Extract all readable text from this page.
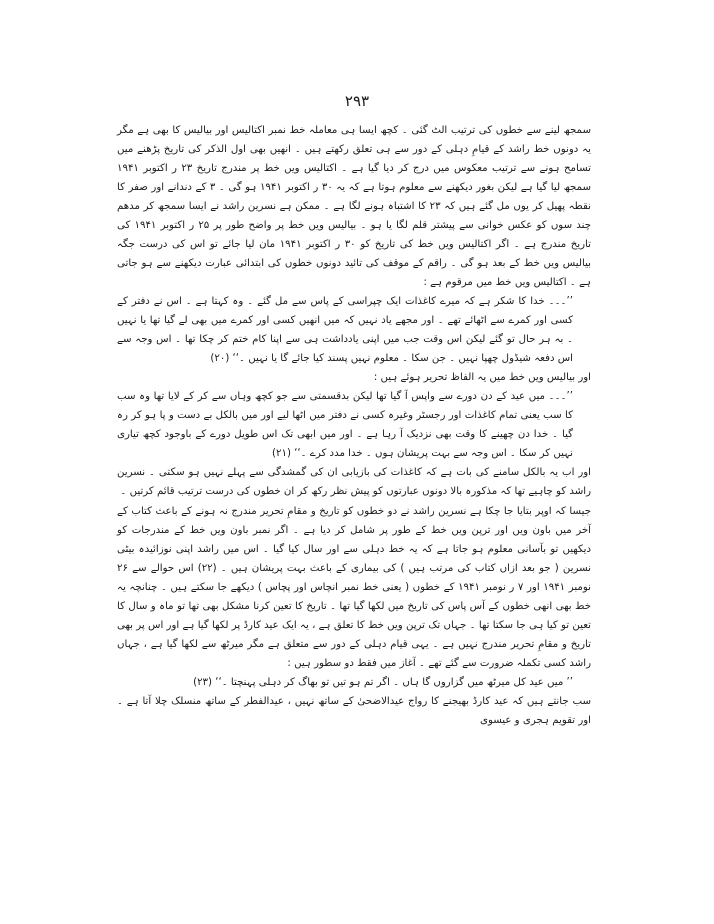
۲۹۳

سمجھ لینے سے خطوں کی ترتیب الٹ گئی ۔ کچھ ایسا ہی معاملہ خط نمبر اکتالیس اور بیالیس کا بھی ہے مگر یہ دونوں خط راشد کے قیامِ دہلی کے دور سے ہی تعلق رکھتے ہیں ۔ انھیں بھی اول الذکر کی تاریخ پڑھنے میں تسامح ہونے سے ترتیب معکوس میں درج کر دیا گیا ہے ۔ اکتالیس ویں خط پر مندرج تاریخ ۲۳ ر اکتوبر ۱۹۴۱ سمجھ لیا گیا ہے لیکن بغور دیکھنے سے معلوم ہوتا ہے کہ یہ ۳۰ ر اکتوبر ۱۹۴۱ ہو گی ۔ ۳ کے دندانے اور صفر کا نقطہ پھیل کر یوں مل گئے ہیں کہ ۲۳ کا اشتباہ ہونے لگا ہے ۔ ممکن ہے نسرین راشد نے ایسا سمجھ کر مدھم چند سوں کو عکس خوانی سے پیشتر قلم لگا یا ہو ۔ بیالیس ویں خط پر واضح طور پر ۲۵ ر اکتوبر ۱۹۴۱ کی تاریخ مندرج ہے ۔ اگر اکتالیس ویں خط کی تاریخ کو ۳۰ ر اکتوبر ۱۹۴۱ مان لیا جائے تو اس کی درست جگہ بیالیس ویں خط کے بعد ہو گی ۔ راقم کے موقف کی تائید دونوں خطوں کی ابتدائی عبارت دیکھنے سے ہو جاتی ہے ۔ اکتالیس ویں خط میں مرقوم ہے :

’’۔۔۔ خدا کا شکر ہے کہ میرے کاغذات ایک چپراسی کے پاس سے مل گئے ۔ وہ کہتا ہے ۔ اس نے دفتر کے کسی اور کمرے سے اٹھائے تھے ۔ اور مجھے یاد نہیں کہ میں انھیں کسی اور کمرے میں بھی لے گیا تھا یا نہیں ۔ بہ ہر حال تو گئے لیکن اس وقت جب میں اپنی یادداشت ہی سے اپنا کام ختم کر چکا تھا ۔ اس وجہ سے اس دفعہ شیڈول چھپا نہیں ۔ جن سکا ۔ معلوم نہیں پسند کیا جائے گا یا نہیں ۔‘‘ (۲۰)

اور بیالیس ویں خط میں یہ الفاظ تحریر ہوئے ہیں :

’’۔۔۔ میں عید کے دن دورے سے واپس آ گیا تھا لیکن بدقسمتی سے جو کچھ وہاں سے کر کے لایا تھا وہ سب کا سب یعنی تمام کاغذات اور رجسٹر وغیرہ کسی نے دفتر میں اٹھا لیے اور میں بالکل بے دست و پا ہو کر رہ گیا ۔ خدا دن چھینے کا وقت بھی نزدیک آ رہا ہے ۔ اور میں ابھی تک اس طویل دورے کے باوجود کچھ تیاری نہیں کر سکا ۔ اس وجہ سے بہت پریشان ہوں ۔ خدا مدد کرے ۔‘‘ (۲۱)

اور اب یہ بالکل سامنے کی بات ہے کہ کاغذات کی بازیابی ان کی گمشدگی سے پہلے نہیں ہو سکتی ۔ نسرین راشد کو چاہیے تھا کہ مذکورہ بالا دونوں عبارتوں کو پیش نظر رکھ کر ان خطوں کی درست ترتیب قائم کرتیں ۔

جیسا کہ اوپر بتایا جا چکا ہے نسرین راشد نے دو خطوں کو تاریخ و مقامِ تحریر مندرج نہ ہونے کے باعث کتاب کے آخر میں باون ویں اور ترپن ویں خط کے طور پر شامل کر دیا ہے ۔ اگر نمبر باون ویں خط کے مندرجات کو دیکھیں تو بآسانی معلوم ہو جاتا ہے کہ یہ خط دہلی سے اور سال کیا گیا ۔ اس میں راشد اپنی نوزائیدہ بیٹی نسرین ( جو بعد ازاں کتاب کی مرتب ہیں ) کی بیماری کے باعث بہت پریشان ہیں ۔ (۲۲) اس حوالے سے ۲۶ نومبر ۱۹۴۱ اور ۷ ر نومبر ۱۹۴۱ کے خطوں ( یعنی خط نمبر انچاس اور پچاس ) دیکھے جا سکتے ہیں ۔ چنانچہ یہ خط بھی انھی خطوں کے آس پاس کی تاریخ میں لکھا گیا تھا ۔ تاریخ کا تعین کرنا مشکل بھی تھا تو ماہ و سال کا تعین تو کیا ہی جا سکتا تھا ۔ جہاں تک ترپن ویں خط کا تعلق ہے ، یہ ایک عید کارڈ پر لکھا گیا ہے اور اس پر بھی تاریخ و مقامِ تحریر مندرج نہیں ہے ۔ یہی قیام دہلی کے دور سے متعلق ہے مگر میرٹھ سے لکھا گیا ہے ، جہاں راشد کسی تکملہ ضرورت سے گئے تھے ۔ آغاز میں فقط دو سطور ہیں :

’’ میں عید کل میرٹھ میں گزاروں گا ہاں ۔ اگر تم ہو تیں تو بھاگ کر دہلی پہنچتا ۔‘‘ (۲۳)

سب جانتے ہیں کہ عید کارڈ بھیجنے کا رواج عیدالاضحیٰ کے ساتھ نہیں ، عیدالفطر کے ساتھ منسلک چلا آتا ہے ۔ اور تقویم ہجری و عیسوی
